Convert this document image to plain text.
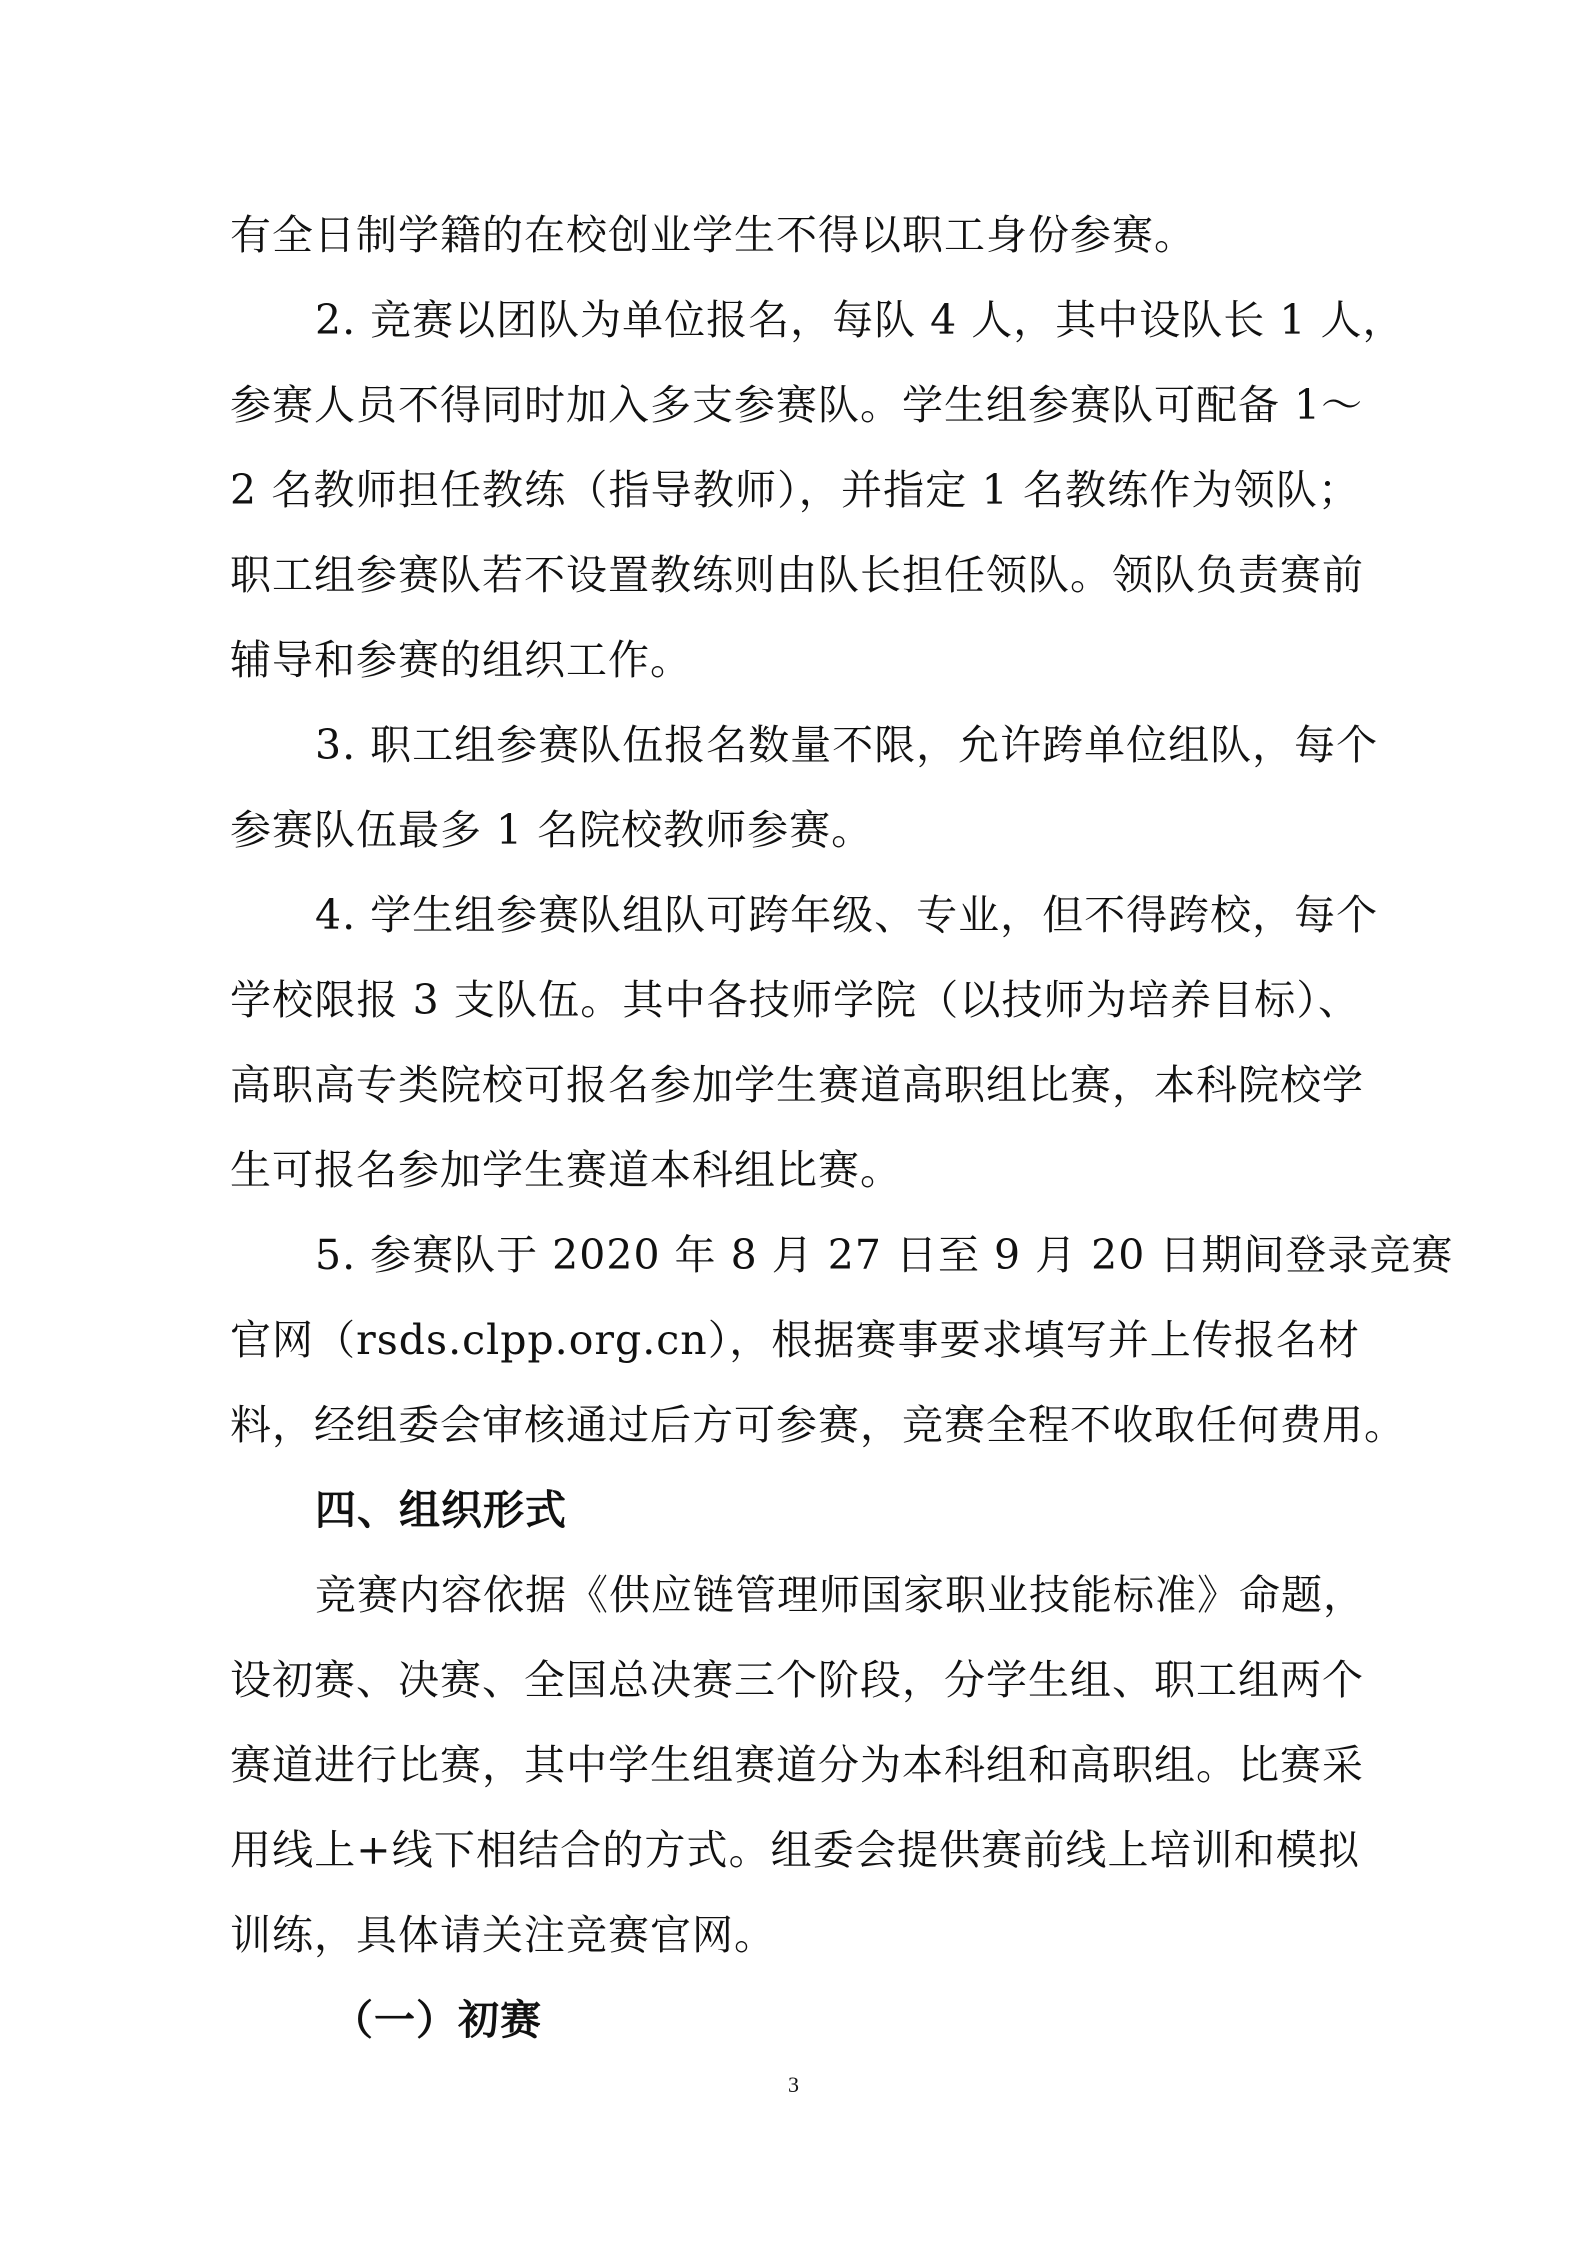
有全日制学籍的在校创业学生不得以职工身份参赛。
2. 竞赛以团队为单位报名，每队 4 人，其中设队长 1 人，
参赛人员不得同时加入多支参赛队。学生组参赛队可配备 1～
2 名教师担任教练（指导教师），并指定 1 名教练作为领队；
职工组参赛队若不设置教练则由队长担任领队。领队负责赛前
辅导和参赛的组织工作。
3. 职工组参赛队伍报名数量不限，允许跨单位组队，每个
参赛队伍最多 1 名院校教师参赛。
4. 学生组参赛队组队可跨年级、专业，但不得跨校，每个
学校限报 3 支队伍。其中各技师学院（以技师为培养目标）、
高职高专类院校可报名参加学生赛道高职组比赛，本科院校学
生可报名参加学生赛道本科组比赛。
5. 参赛队于 2020 年 8 月 27 日至 9 月 20 日期间登录竞赛
官网（rsds.clpp.org.cn），根据赛事要求填写并上传报名材
料，经组委会审核通过后方可参赛，竞赛全程不收取任何费用。
四、组织形式
竞赛内容依据《供应链管理师国家职业技能标准》命题，
设初赛、决赛、全国总决赛三个阶段，分学生组、职工组两个
赛道进行比赛，其中学生组赛道分为本科组和高职组。比赛采
用线上+线下相结合的方式。组委会提供赛前线上培训和模拟
训练，具体请关注竞赛官网。
（一）初赛
3
